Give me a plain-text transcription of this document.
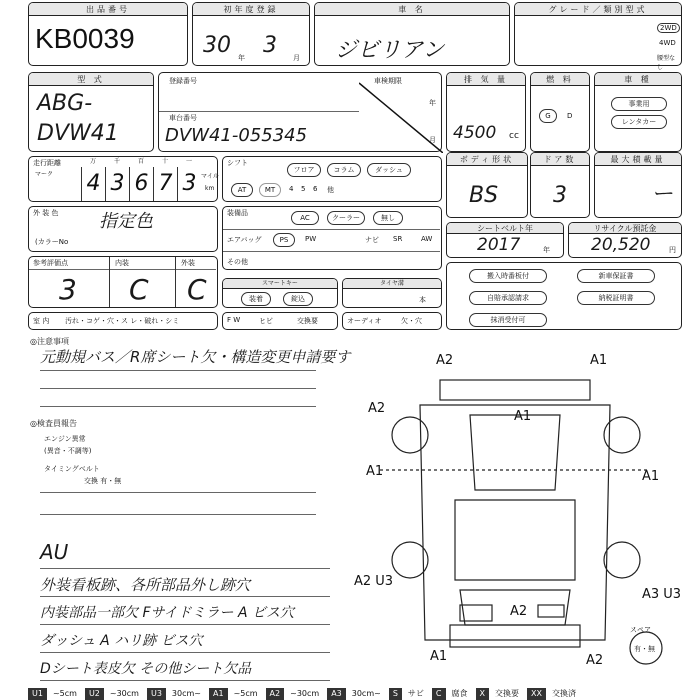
出品番号
KB0039
初年度登録
30 年 3 月
車 名
ジビリアン
グレード／類別型式
2WD
4WD
腰型なし
型 式
ABG-
DVW41
登録番号
車台番号
DVW41-055345
車検期限
年
月
排 気 量
4500 cc
燃 料
G	D
車 種
事業用
レンタカー
走行距離
マーク
万
4
千
3
百
6
十
7
一
3 マイル
km
シフト
フロア	コラム	ダッシュ
AT	MT	4 5 6 他
ボディ形状
BS
ドア数
3
最大積載量
ー
外 装 色 指定色
(カラーNo
装備品
AC	クーラー	無し
エアバッグ	PS	PW	ナビ SR	AW
その他
シートベルト年
2017	年
リサイクル預託金
20,520	円
参考評価点	内装	外装
3 C C	スマートキー
装着	錠込
タイヤ溝
本
搬入時番板付	新車保証書
自賠承認請求	納税証明書
抹消受付可
室 内 汚れ・コゲ・穴・ス レ・破れ・シミ	F W	ヒビ	交換要	オーディオ	欠・穴
◎注意事項
元動規バス／R席シート欠・構造変更申請要す
◎検査員報告
エンジン異常
(異音・不調等)
タイミングベルト
交換 有・無
AU
外装看板跡、各所部品外し跡穴
内装部品一部欠 Fサイドミラー A ビス穴
ダッシュ A ハリ跡 ビス穴
Dシート表皮欠 その他シート欠品
A2	A1
A2
A1
A1	A1
A2 U3
A3 U3
A2
A1	A2
スペア
有・無
U1	~5cm	U2	~30cm	U3	30cm~	A1	~5cm	A2	~30cm	A3	30cm~	S	サビ	C	腐食	X	交換要	XX	交換済
